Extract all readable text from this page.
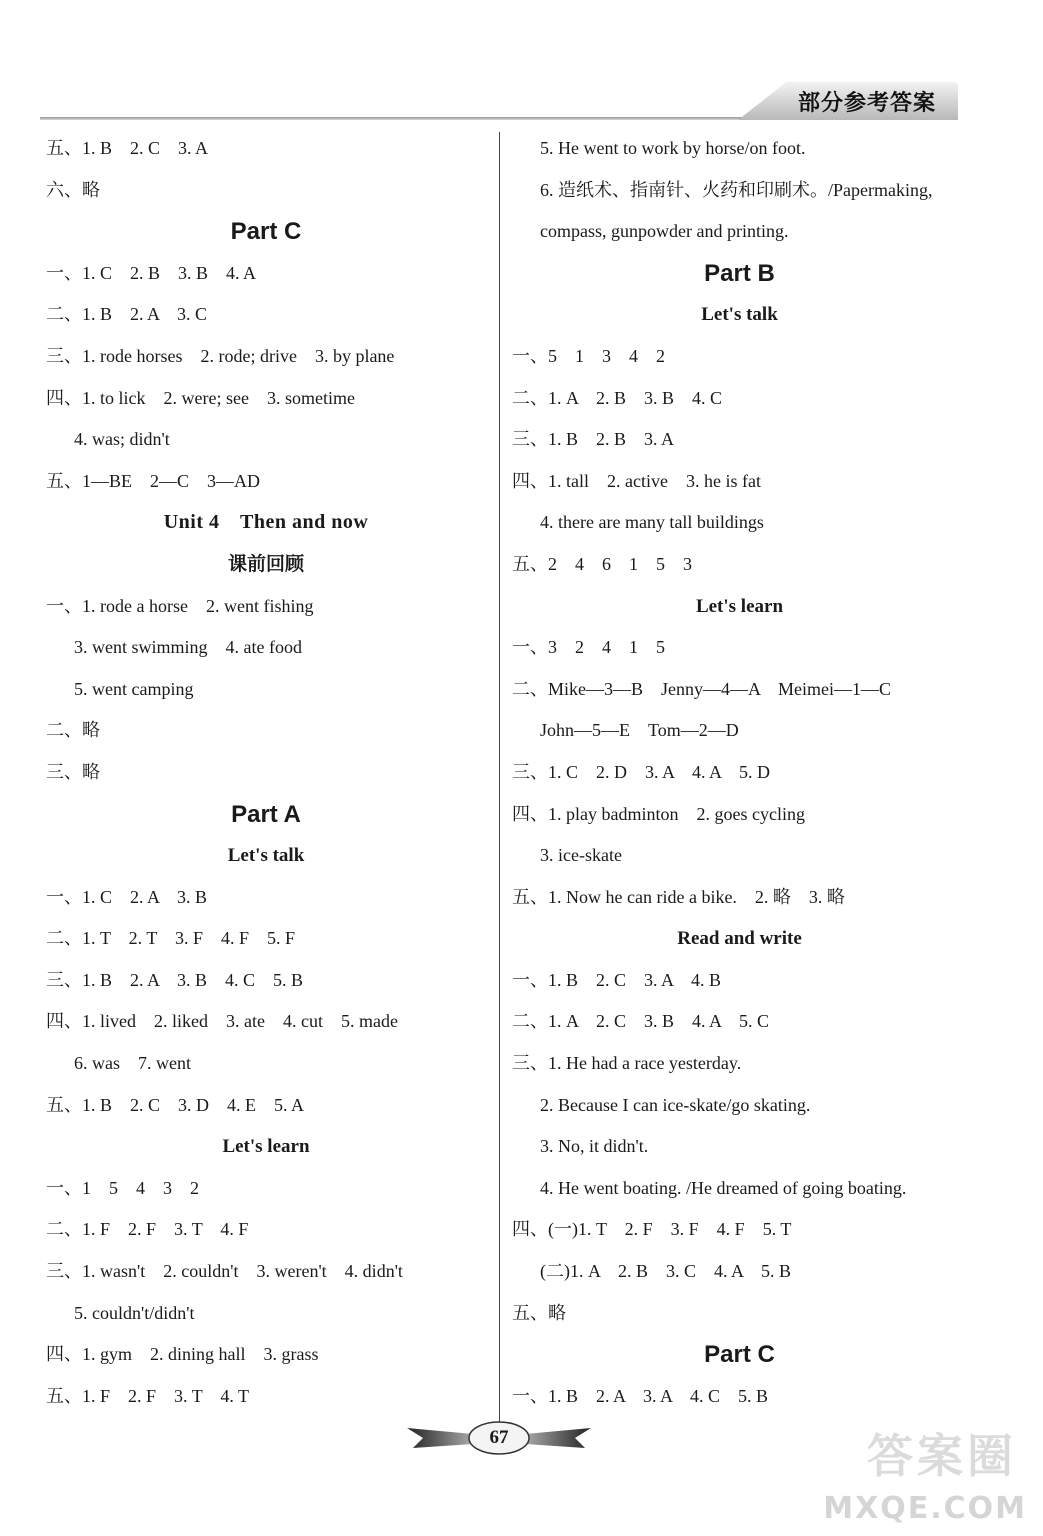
部分参考答案
五、1. B　2. C　3. A
六、略
Part C
一、1. C　2. B　3. B　4. A
二、1. B　2. A　3. C
三、1. rode horses　2. rode; drive　3. by plane
四、1. to lick　2. were; see　3. sometime
4. was; didn't
五、1—BE　2—C　3—AD
Unit 4　Then and now
课前回顾
一、1. rode a horse　2. went fishing
3. went swimming　4. ate food
5. went camping
二、略
三、略
Part A
Let's talk
一、1. C　2. A　3. B
二、1. T　2. T　3. F　4. F　5. F
三、1. B　2. A　3. B　4. C　5. B
四、1. lived　2. liked　3. ate　4. cut　5. made
6. was　7. went
五、1. B　2. C　3. D　4. E　5. A
Let's learn
一、1　5　4　3　2
二、1. F　2. F　3. T　4. F
三、1. wasn't　2. couldn't　3. weren't　4. didn't
5. couldn't/didn't
四、1. gym　2. dining hall　3. grass
五、1. F　2. F　3. T　4. T
5. He went to work by horse/on foot.
6. 造纸术、指南针、火药和印刷术。/Papermaking,
compass, gunpowder and printing.
Part B
Let's talk
一、5　1　3　4　2
二、1. A　2. B　3. B　4. C
三、1. B　2. B　3. A
四、1. tall　2. active　3. he is fat
4. there are many tall buildings
五、2　4　6　1　5　3
Let's learn
一、3　2　4　1　5
二、Mike—3—B　Jenny—4—A　Meimei—1—C
John—5—E　Tom—2—D
三、1. C　2. D　3. A　4. A　5. D
四、1. play badminton　2. goes cycling
3. ice-skate
五、1. Now he can ride a bike.　2. 略　3. 略
Read and write
一、1. B　2. C　3. A　4. B
二、1. A　2. C　3. B　4. A　5. C
三、1. He had a race yesterday.
2. Because I can ice-skate/go skating.
3. No, it didn't.
4. He went boating. /He dreamed of going boating.
四、(一)1. T　2. F　3. F　4. F　5. T
(二)1. A　2. B　3. C　4. A　5. B
五、略
Part C
一、1. B　2. A　3. A　4. C　5. B
67	答案圈
MXQE.COM
